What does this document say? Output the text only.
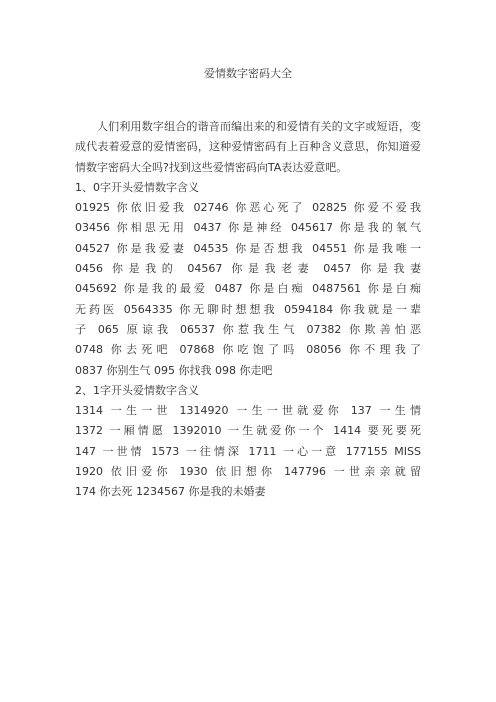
爱情数字密码大全

人们利用数字组合的谐音而编出来的和爱情有关的文字或短语，变成代表着爱意的爱情密码，这种爱情密码有上百种含义意思，你知道爱情数字密码大全吗?找到这些爱情密码向TA表达爱意吧。

1、0字开头爱情数字含义

01925 你依旧爱我 02746 你恶心死了 02825 你爱不爱我

03456 你相思无用 0437 你是神经 045617 你是我的氧气

04527 你是我爱妻 04535 你是否想我 04551 你是我唯一

0456 你是我的 04567 你是我老妻 0457 你是我妻

045692 你是我的最爱 0487 你是白痴 0487561 你是白痴

无药医 0564335 你无聊时想想我 0594184 你我就是一辈

子 065 原谅我 06537 你惹我生气 07382 你欺善怕恶

0748 你去死吧 07868 你吃饱了吗 08056 你不理我了

0837 你别生气 095 你找我 098 你走吧

2、1字开头爱情数字含义

1314 一生一世 1314920 一生一世就爱你 137 一生情

1372 一厢情愿 1392010 一生就爱你一个 1414 要死要死

147 一世情 1573 一往情深 1711 一心一意 177155 MISS

1920 依旧爱你 1930 依旧想你 147796 一世亲亲就留

174 你去死 1234567 你是我的未婚妻
